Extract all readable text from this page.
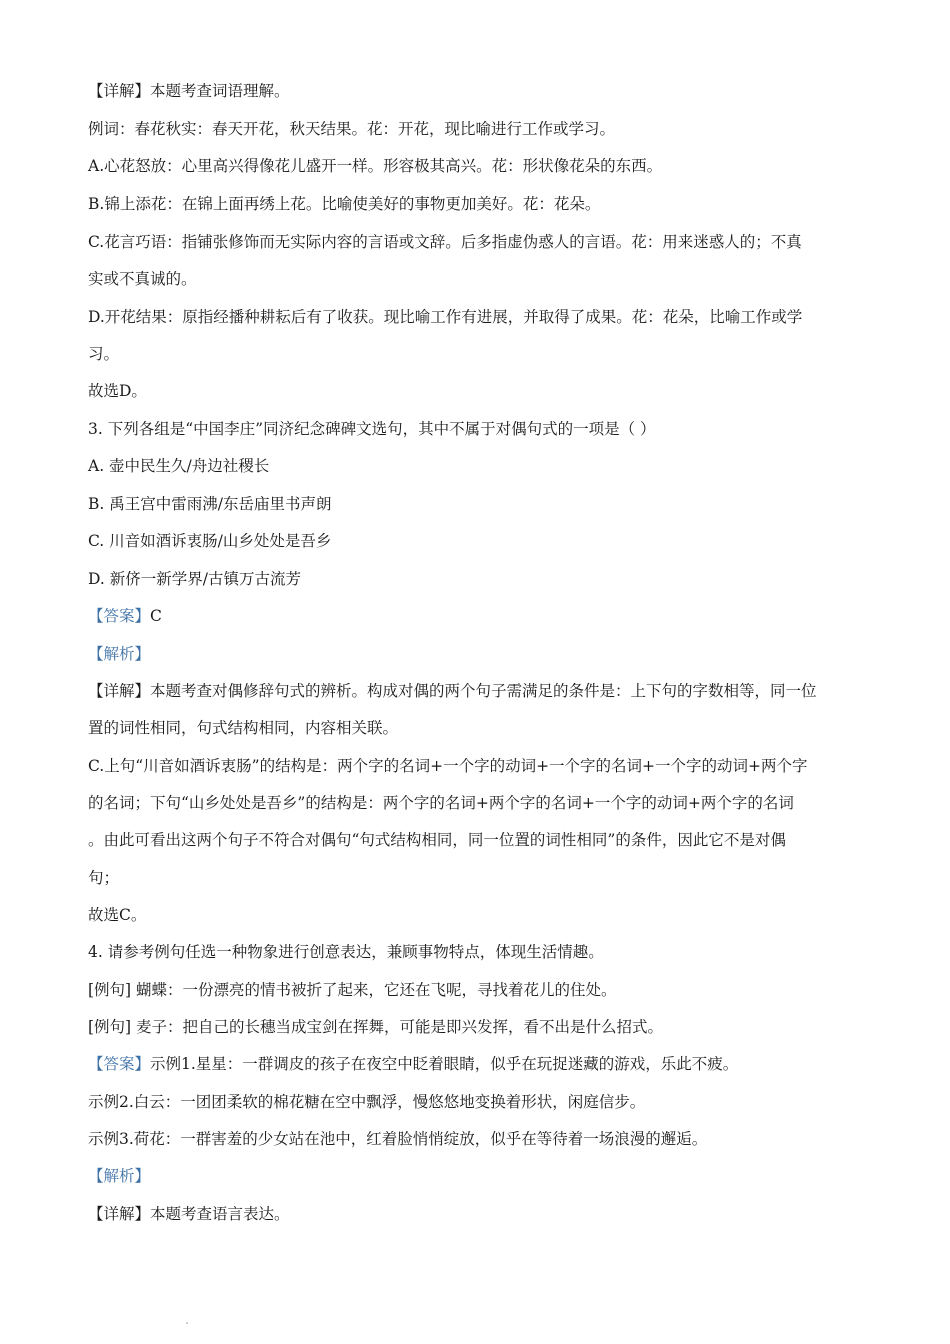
【详解】本题考查词语理解。
例词：春花秋实：春天开花，秋天结果。花：开花，现比喻进行工作或学习。
A.心花怒放：心里高兴得像花儿盛开一样。形容极其高兴。花：形状像花朵的东西。
B.锦上添花：在锦上面再绣上花。比喻使美好的事物更加美好。花：花朵。
C.花言巧语：指铺张修饰而无实际内容的言语或文辞。后多指虚伪惑人的言语。花：用来迷惑人的；不真
实或不真诚的。
D.开花结果：原指经播种耕耘后有了收获。现比喻工作有进展，并取得了成果。花：花朵，比喻工作或学
习。
故选D。
3. 下列各组是“中国李庄”同济纪念碑碑文选句，其中不属于对偶句式的一项是（ ）
A. 壶中民生久/舟边社稷长
B. 禹王宫中雷雨沸/东岳庙里书声朗
C. 川音如酒诉衷肠/山乡处处是吾乡
D. 新侪一新学界/古镇万古流芳
【答案】C
【解析】
【详解】本题考查对偶修辞句式的辨析。构成对偶的两个句子需满足的条件是：上下句的字数相等，同一位
置的词性相同，句式结构相同，内容相关联。
C.上句“川音如酒诉衷肠”的结构是：两个字的名词+一个字的动词+一个字的名词+一个字的动词+两个字
的名词；下句“山乡处处是吾乡”的结构是：两个字的名词+两个字的名词+一个字的动词+两个字的名词
。由此可看出这两个句子不符合对偶句“句式结构相同，同一位置的词性相同”的条件，因此它不是对偶
句；
故选C。
4. 请参考例句任选一种物象进行创意表达，兼顾事物特点，体现生活情趣。
[例句] 蝴蝶：一份漂亮的情书被折了起来，它还在飞呢，寻找着花儿的住处。
[例句] 麦子：把自己的长穗当成宝剑在挥舞，可能是即兴发挥，看不出是什么招式。
【答案】示例1.星星：一群调皮的孩子在夜空中眨着眼睛，似乎在玩捉迷藏的游戏，乐此不疲。
示例2.白云：一团团柔软的棉花糖在空中飘浮，慢悠悠地变换着形状，闲庭信步。
示例3.荷花：一群害羞的少女站在池中，红着脸悄悄绽放，似乎在等待着一场浪漫的邂逅。
【解析】
【详解】本题考查语言表达。
